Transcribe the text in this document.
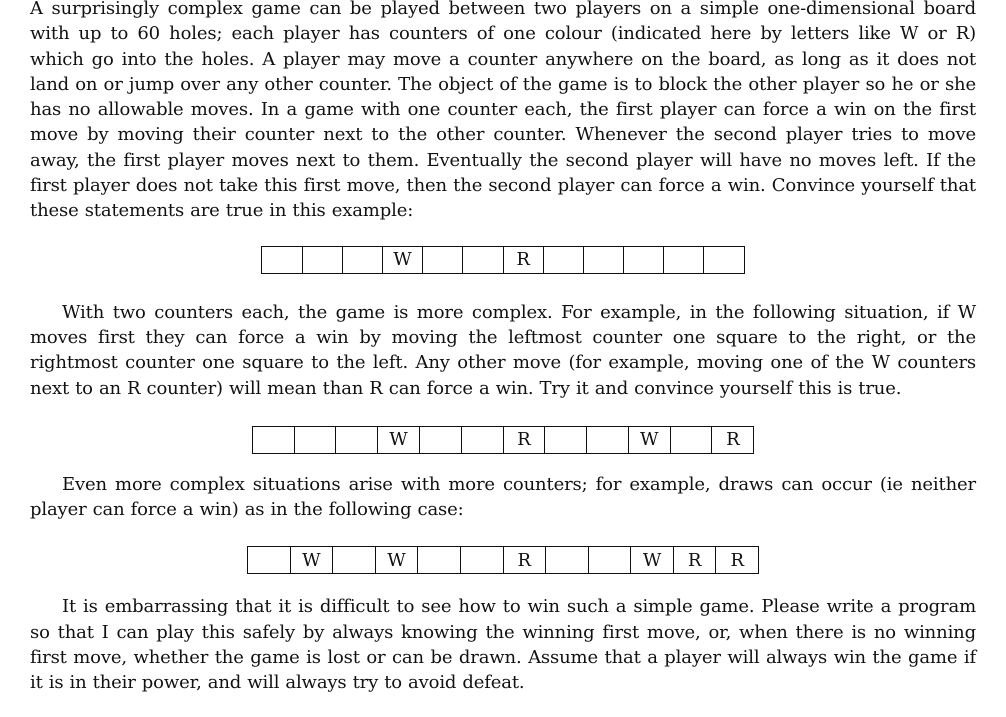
A surprisingly complex game can be played between two players on a simple one-dimensional board with up to 60 holes; each player has counters of one colour (indicated here by letters like W or R) which go into the holes. A player may move a counter anywhere on the board, as long as it does not land on or jump over any other counter. The object of the game is to block the other player so he or she has no allowable moves. In a game with one counter each, the first player can force a win on the first move by moving their counter next to the other counter. Whenever the second player tries to move away, the first player moves next to them. Eventually the second player will have no moves left. If the first player does not take this first move, then the second player can force a win. Convince yourself that these statements are true in this example:

W	R

With two counters each, the game is more complex. For example, in the following situation, if W moves first they can force a win by moving the leftmost counter one square to the right, or the rightmost counter one square to the left. Any other move (for example, moving one of the W counters next to an R counter) will mean than R can force a win. Try it and convince yourself this is true.

W	R	W	R

Even more complex situations arise with more counters; for example, draws can occur (ie neither player can force a win) as in the following case:

W	W	R	W	R	R

It is embarrassing that it is difficult to see how to win such a simple game. Please write a program so that I can play this safely by always knowing the winning first move, or, when there is no winning first move, whether the game is lost or can be drawn. Assume that a player will always win the game if it is in their power, and will always try to avoid defeat.
